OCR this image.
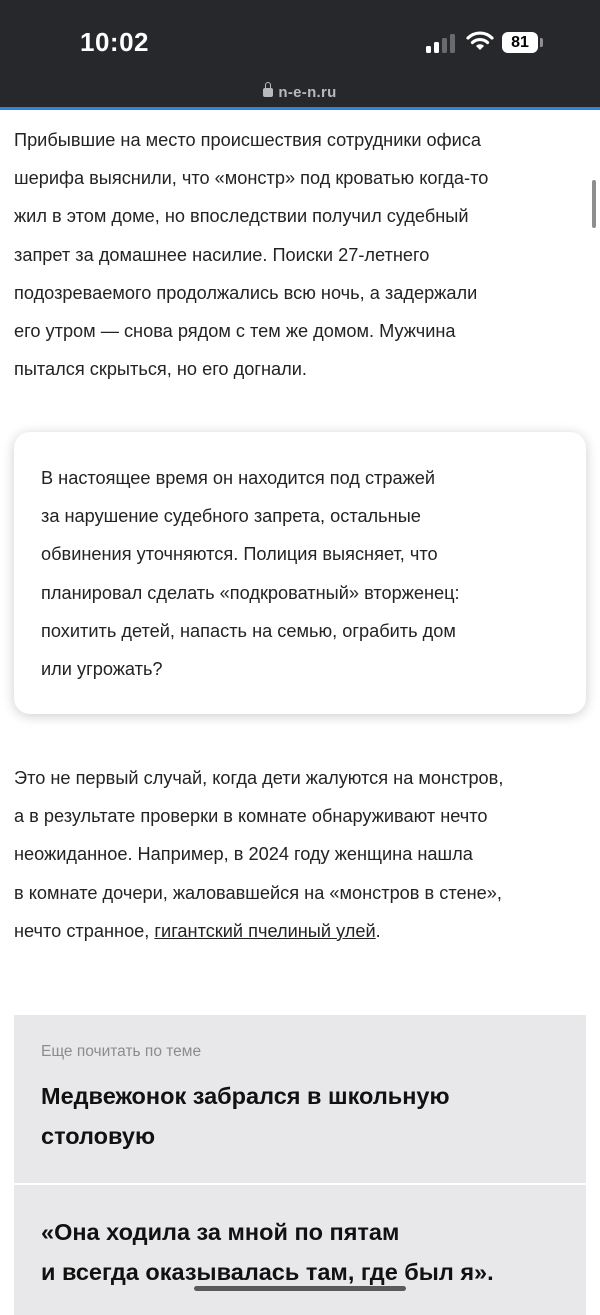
10:02	81
n-e-n.ru

Прибывшие на место происшествия сотрудники офиса
шерифа выяснили, что «монстр» под кроватью когда-то
жил в этом доме, но впоследствии получил судебный
запрет за домашнее насилие. Поиски 27-летнего
подозреваемого продолжались всю ночь, а задержали
его утром — снова рядом с тем же домом. Мужчина
пытался скрыться, но его догнали.

В настоящее время он находится под стражей
за нарушение судебного запрета, остальные
обвинения уточняются. Полиция выясняет, что
планировал сделать «подкроватный» вторженец:
похитить детей, напасть на семью, ограбить дом
или угрожать?

Это не первый случай, когда дети жалуются на монстров,
а в результате проверки в комнате обнаруживают нечто
неожиданное. Например, в 2024 году женщина нашла
в комнате дочери, жаловавшейся на «монстров в стене»,
нечто странное, гигантский пчелиный улей.

Еще почитать по теме
Медвежонок забрался в школьную
столовую
«Она ходила за мной по пятам
и всегда оказывалась там, где был я».
